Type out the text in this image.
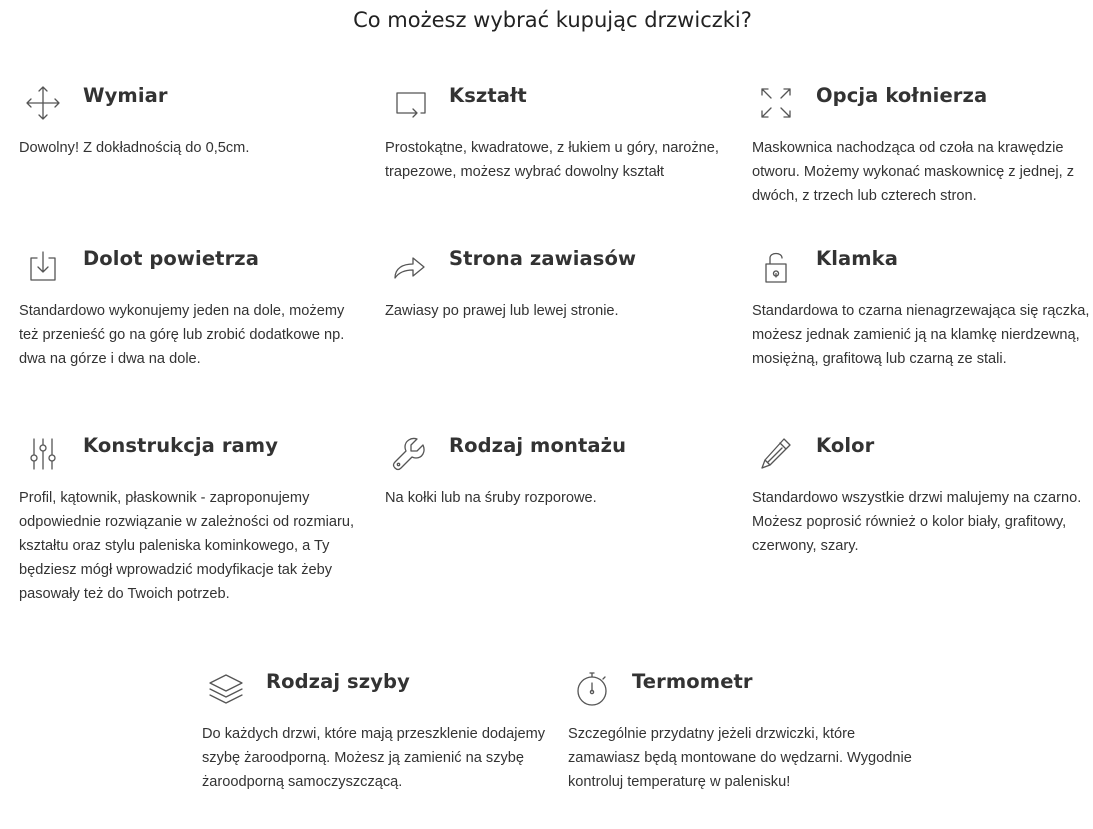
Co możesz wybrać kupując drzwiczki?
Wymiar

Dowolny! Z dokładnością do 0,5cm.

Kształt

Prostokątne, kwadratowe, z łukiem u góry, narożne, trapezowe, możesz wybrać dowolny kształt

Opcja kołnierza

Maskownica nachodząca od czoła na krawędzie otworu. Możemy wykonać maskownicę z jednej, z dwóch, z trzech lub czterech stron.

Dolot powietrza

Standardowo wykonujemy jeden na dole, możemy też przenieść go na górę lub zrobić dodatkowe np. dwa na górze i dwa na dole.

Strona zawiasów

Zawiasy po prawej lub lewej stronie.

Klamka

Standardowa to czarna nienagrzewająca się rączka, możesz jednak zamienić ją na klamkę nierdzewną, mosiężną, grafitową lub czarną ze stali.

Konstrukcja ramy

Profil, kątownik, płaskownik - zaproponujemy odpowiednie rozwiązanie w zależności od rozmiaru, kształtu oraz stylu paleniska kominkowego, a Ty będziesz mógł wprowadzić modyfikacje tak żeby pasowały też do Twoich potrzeb.

Rodzaj montażu

Na kołki lub na śruby rozporowe.

Kolor

Standardowo wszystkie drzwi malujemy na czarno. Możesz poprosić również o kolor biały, grafitowy, czerwony, szary.

Rodzaj szyby

Do każdych drzwi, które mają przeszklenie dodajemy szybę żaroodporną. Możesz ją zamienić na szybę żaroodporną samoczyszczącą.

Termometr

Szczególnie przydatny jeżeli drzwiczki, które zamawiasz będą montowane do wędzarni. Wygodnie kontroluj temperaturę w palenisku!
